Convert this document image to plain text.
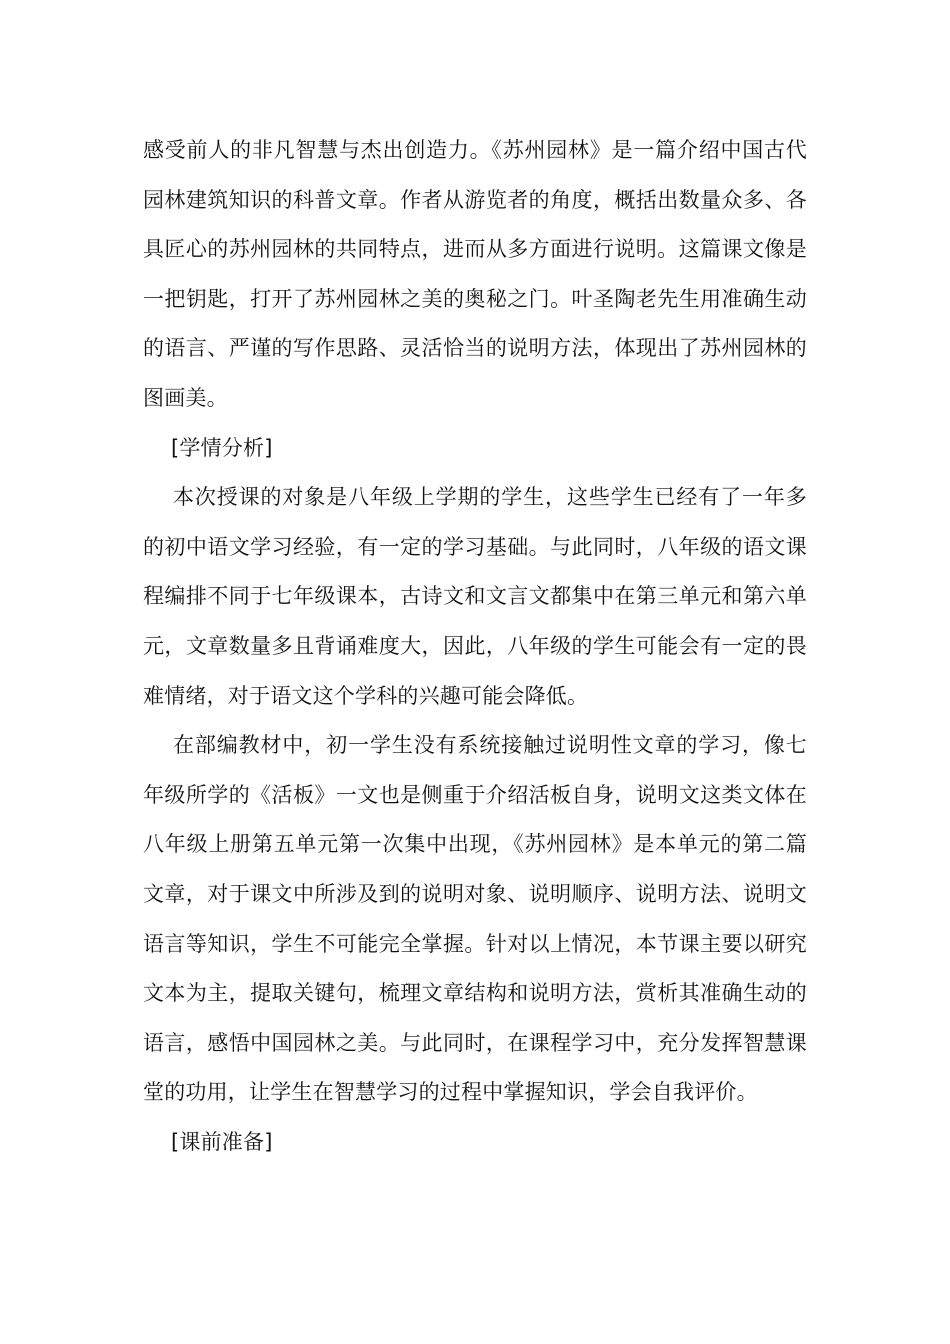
感受前人的非凡智慧与杰出创造力。《苏州园林》是一篇介绍中国古代园林建筑知识的科普文章。作者从游览者的角度，概括出数量众多、各具匠心的苏州园林的共同特点，进而从多方面进行说明。这篇课文像是一把钥匙，打开了苏州园林之美的奥秘之门。叶圣陶老先生用准确生动的语言、严谨的写作思路、灵活恰当的说明方法，体现出了苏州园林的图画美。

[学情分析]

本次授课的对象是八年级上学期的学生，这些学生已经有了一年多的初中语文学习经验，有一定的学习基础。与此同时，八年级的语文课程编排不同于七年级课本，古诗文和文言文都集中在第三单元和第六单元，文章数量多且背诵难度大，因此，八年级的学生可能会有一定的畏难情绪，对于语文这个学科的兴趣可能会降低。

在部编教材中，初一学生没有系统接触过说明性文章的学习，像七年级所学的《活板》一文也是侧重于介绍活板自身，说明文这类文体在八年级上册第五单元第一次集中出现，《苏州园林》是本单元的第二篇文章，对于课文中所涉及到的说明对象、说明顺序、说明方法、说明文语言等知识，学生不可能完全掌握。针对以上情况，本节课主要以研究文本为主，提取关键句，梳理文章结构和说明方法，赏析其准确生动的语言，感悟中国园林之美。与此同时，在课程学习中，充分发挥智慧课堂的功用，让学生在智慧学习的过程中掌握知识，学会自我评价。

[课前准备]
